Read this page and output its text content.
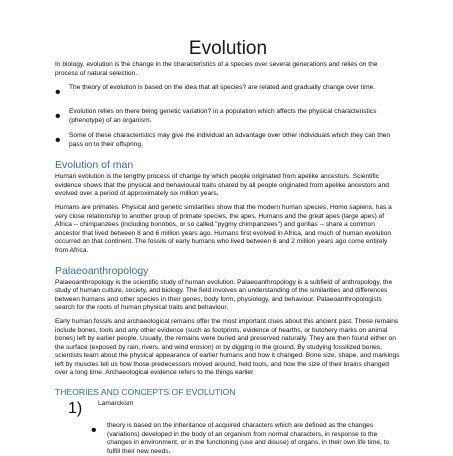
Evolution

In biology, evolution is the change in the characteristics of a species over several generations and relies on the process of natural selection.

•	The theory of evolution is based on the idea that all species? are related and gradually change over time.

•	Evolution relies on there being genetic variation? in a population which affects the physical characteristics (phenotype) of an organism.

•	Some of these characteristics may give the individual an advantage over other individuals which they can then pass on to their offspring.

Evolution of man

Human evolution is the lengthy process of change by which people originated from apelike ancestors. Scientific evidence shows that the physical and behavioural traits shared by all people originated from apelike ancestors and evolved over a period of approximately six million years.

Humans are primates. Physical and genetic similarities show that the modern human species, Homo sapiens, has a very close relationship to another group of primate species, the apes. Humans and the great apes (large apes) of Africa -- chimpanzees (including bonobos, or so called "pygmy chimpanzees") and gorillas -- share a common ancestor that lived between 8 and 6 million years ago. Humans first evolved in Africa, and much of human evolution occurred on that continent. The fossils of early humans who lived between 6 and 2 million years ago come entirely from Africa.

Palaeoanthropology

Palaeoanthropology is the scientific study of human evolution. Palaeoanthropology is a subfield of anthropology, the study of human culture, society, and biology. The field involves an understanding of the similarities and differences between humans and other species in their genes, body form, physiology, and behaviour. Palaeoanthropologists search for the roots of human physical traits and behaviour.

Early human fossils and archaeological remains offer the most important clues about this ancient past. These remains include bones, tools and any other evidence (such as footprints, evidence of hearths, or butchery marks on animal bones) left by earlier people. Usually, the remains were buried and preserved naturally. They are then found either on the surface (exposed by rain, rivers, and wind erosion) or by digging in the ground. By studying fossilized bones, scientists learn about the physical appearance of earlier humans and how it changed. Bone size, shape, and markings left by muscles tell us how those predecessors moved around, held tools, and how the size of their brains changed over a long time. Archaeological evidence refers to the things earlier

THEORIES AND CONCEPTS OF EVOLUTION
1)	Lamarckism

•	theory is based on the inheritance of acquired characters which are defined as the changes (variations) developed in the body of an organism from normal characters, in response to the changes in environment, or in the functioning (use and disuse) of organs, in their own life time, to fulfill their new needs.
